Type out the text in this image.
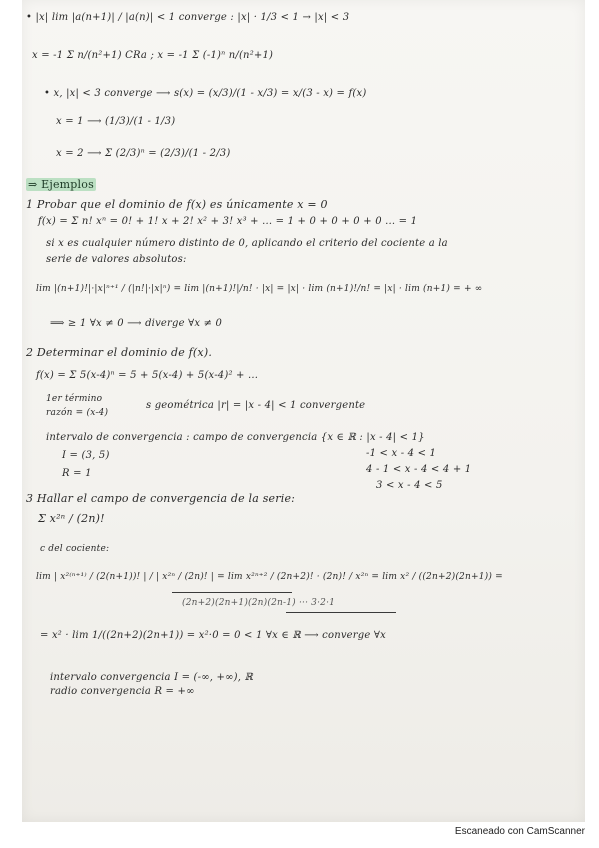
• |x| lim |a(n+1)| / |a(n)| < 1 converge : |x| · 1/3 < 1 → |x| < 3
x = -1 Σ n/(n²+1) CRa ; x = -1 Σ (-1)ⁿ n/(n²+1)
• x, |x| < 3 converge ⟶ s(x) = (x/3)/(1 - x/3) = x/(3 - x) = f(x)
x = 1 ⟶ (1/3)/(1 - 1/3)
x = 2 ⟶ Σ (2/3)ⁿ = (2/3)/(1 - 2/3)
⇒ Ejemplos
1 Probar que el dominio de f(x) es únicamente x = 0
f(x) = Σ n! xⁿ = 0! + 1! x + 2! x² + 3! x³ + ... = 1 + 0 + 0 + 0 + 0 ... = 1
si x es cualquier número distinto de 0, aplicando el criterio del cociente a la
serie de valores absolutos:
lim |(n+1)!|·|x|ⁿ⁺¹ / (|n!|·|x|ⁿ) = lim |(n+1)!|/n! · |x| = |x| · lim (n+1)!/n! = |x| · lim (n+1) = + ∞
⟹ ≥ 1 ∀x ≠ 0 ⟶ diverge ∀x ≠ 0
2 Determinar el dominio de f(x).
f(x) = Σ 5(x-4)ⁿ = 5 + 5(x-4) + 5(x-4)² + ...
1er término
razón = (x-4)
s geométrica |r| = |x - 4| < 1 convergente
intervalo de convergencia : campo de convergencia {x ∈ ℝ : |x - 4| < 1}
-1 < x - 4 < 1
I = (3, 5)
4 - 1 < x - 4 < 4 + 1
R = 1
3 < x - 4 < 5
3 Hallar el campo de convergencia de la serie:
Σ x²ⁿ / (2n)!
c del cociente:
lim | x²⁽ⁿ⁺¹⁾ / (2(n+1))! | / | x²ⁿ / (2n)! | = lim x²ⁿ⁺² / (2n+2)! · (2n)! / x²ⁿ = lim x² / ((2n+2)(2n+1)) =
(2n+2)(2n+1)(2n)(2n-1) ··· 3·2·1
= x² · lim 1/((2n+2)(2n+1)) = x²·0 = 0 < 1 ∀x ∈ ℝ ⟶ converge ∀x
intervalo convergencia I = (-∞, +∞), ℝ
radio convergencia R = +∞
Escaneado con CamScanner
